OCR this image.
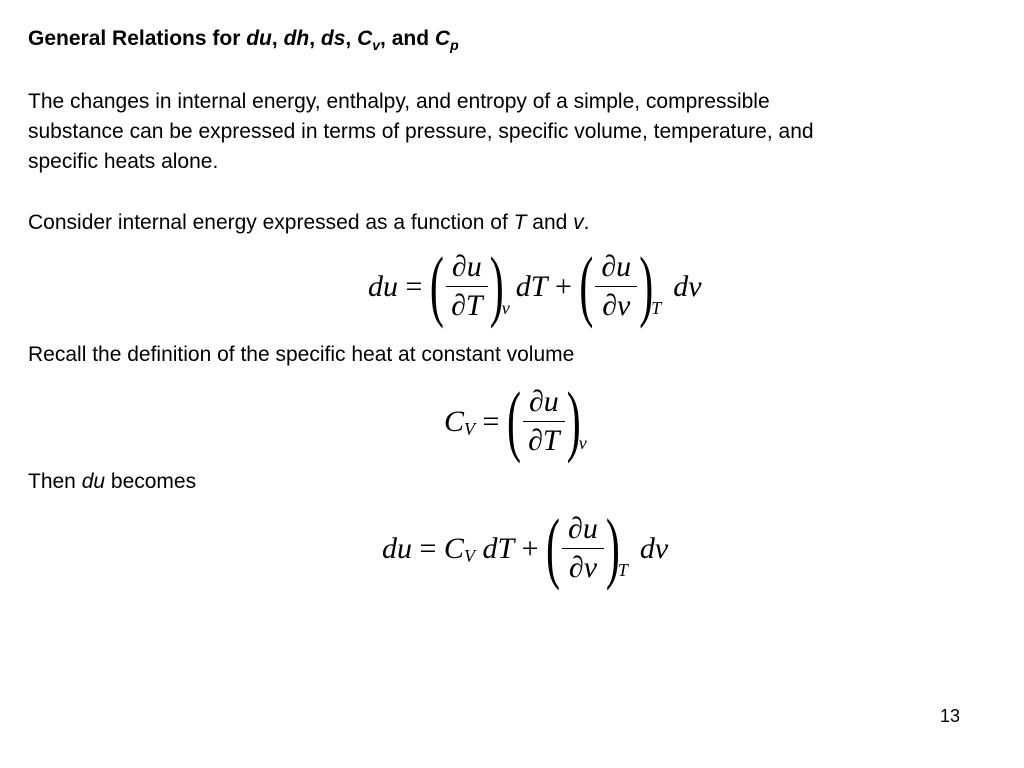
General Relations for du, dh, ds, $C_v$, and $C_p$
The changes in internal energy, enthalpy, and entropy of a simple, compressible
substance can be expressed in terms of pressure, specific volume, temperature, and
specific heats alone.
Consider internal energy expressed as a function of T and v.
du = ( $\frac{\partial u}{\partial T}$ )
v
dT + ( $\frac{\partial u}{\partial v}$ )
T
dv
Recall the definition of the specific heat at constant volume
C V = ( $\frac{\partial u}{\partial T}$ )
v
Then du becomes
du = C V dT + ( $\frac{\partial u}{\partial v}$ )
T
dv
13
